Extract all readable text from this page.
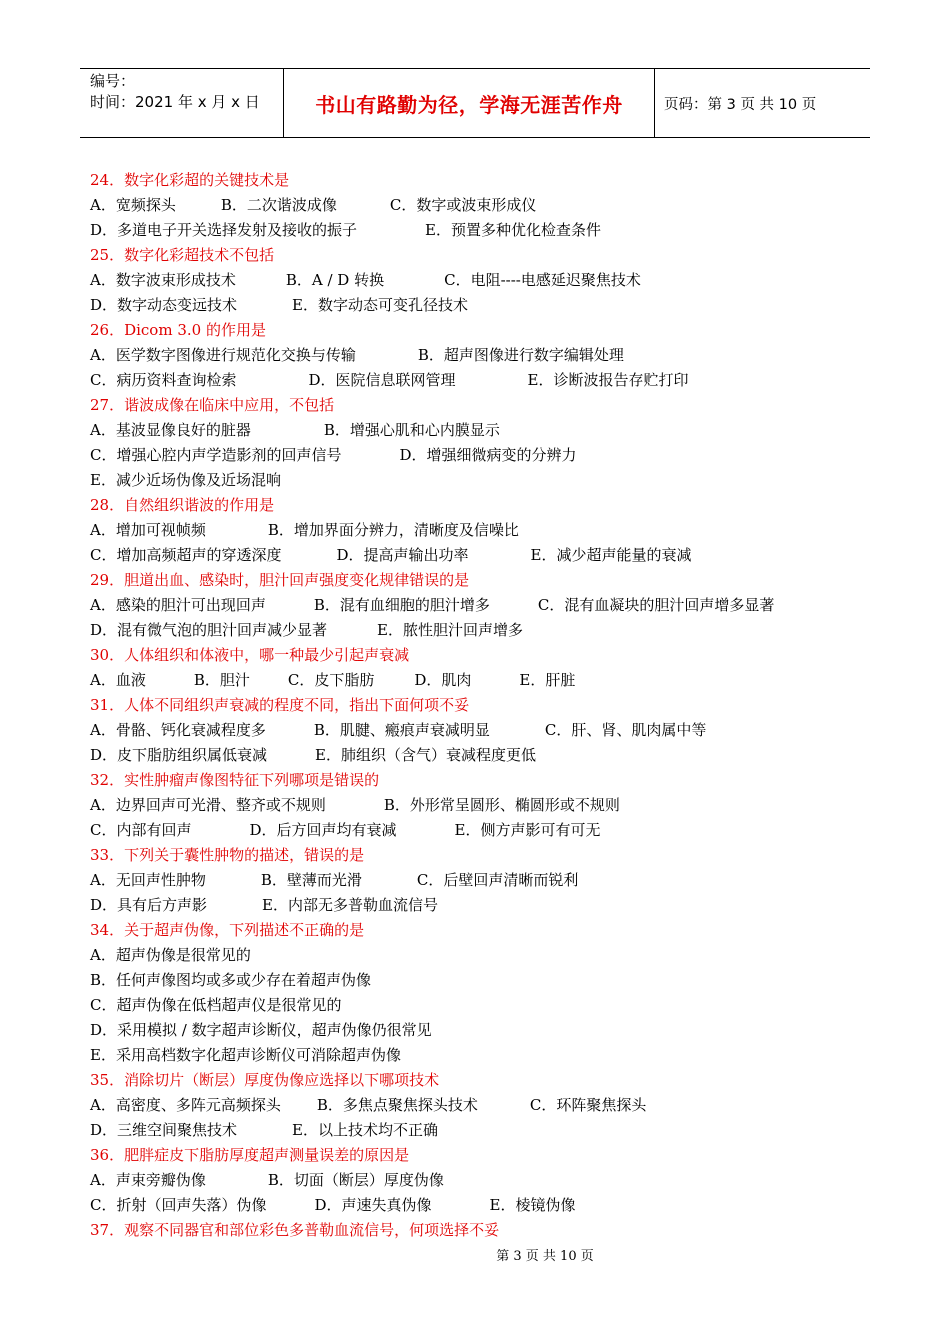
编号：
时间：2021 年 x 月 x 日	书山有路勤为径，学海无涯苦作舟	页码：第 3 页 共 10 页
24．数字化彩超的关键技术是
A．宽频探头	B．二次谐波成像	C．数字或波束形成仪
D．多道电子开关选择发射及接收的振子	E．预置多种优化检查条件
25．数字化彩超技术不包括
A．数字波束形成技术	B．A / D 转换	C．电阻----电感延迟聚焦技术
D．数字动态变远技术	E．数字动态可变孔径技术
26．Dicom 3.0 的作用是
A．医学数字图像进行规范化交换与传输	B．超声图像进行数字编辑处理
C．病历资料查询检索	D．医院信息联网管理	E．诊断波报告存贮打印
27．谐波成像在临床中应用，不包括
A．基波显像良好的脏器	B．增强心肌和心内膜显示
C．增强心腔内声学造影剂的回声信号	D．增强细微病变的分辨力
E．减少近场伪像及近场混响
28．自然组织谐波的作用是
A．增加可视帧频	B．增加界面分辨力，清晰度及信噪比
C．增加高频超声的穿透深度	D．提高声输出功率	E．减少超声能量的衰减
29．胆道出血、感染时，胆汁回声强度变化规律错误的是
A．感染的胆汁可出现回声	B．混有血细胞的胆汁增多	C．混有血凝块的胆汁回声增多显著
D．混有微气泡的胆汁回声减少显著	E．脓性胆汁回声增多
30．人体组织和体液中，哪一种最少引起声衰减
A．血液	B．胆汁	C．皮下脂肪	D．肌肉	E．肝脏
31．人体不同组织声衰减的程度不同，指出下面何项不妥
A．骨骼、钙化衰减程度多	B．肌腱、瘢痕声衰减明显	C．肝、肾、肌肉属中等
D．皮下脂肪组织属低衰减	E．肺组织（含气）衰减程度更低
32．实性肿瘤声像图特征下列哪项是错误的
A．边界回声可光滑、整齐或不规则	B．外形常呈圆形、椭圆形或不规则
C．内部有回声	D．后方回声均有衰减	E．侧方声影可有可无
33．下列关于囊性肿物的描述，错误的是
A．无回声性肿物	B．壁薄而光滑	C．后壁回声清晰而锐利
D．具有后方声影	E．内部无多普勒血流信号
34．关于超声伪像，下列描述不正确的是
A．超声伪像是很常见的
B．任何声像图均或多或少存在着超声伪像
C．超声伪像在低档超声仪是很常见的
D．采用模拟 / 数字超声诊断仪，超声伪像仍很常见
E．采用高档数字化超声诊断仪可消除超声伪像
35．消除切片（断层）厚度伪像应选择以下哪项技术
A．高密度、多阵元高频探头 B．多焦点聚焦探头技术	C．环阵聚焦探头
D．三维空间聚焦技术	E．以上技术均不正确
36．肥胖症皮下脂肪厚度超声测量误差的原因是
A．声束旁瓣伪像	B．切面（断层）厚度伪像
C．折射（回声失落）伪像	D．声速失真伪像	E．棱镜伪像
37．观察不同器官和部位彩色多普勒血流信号，何项选择不妥
第 3 页 共 10 页
